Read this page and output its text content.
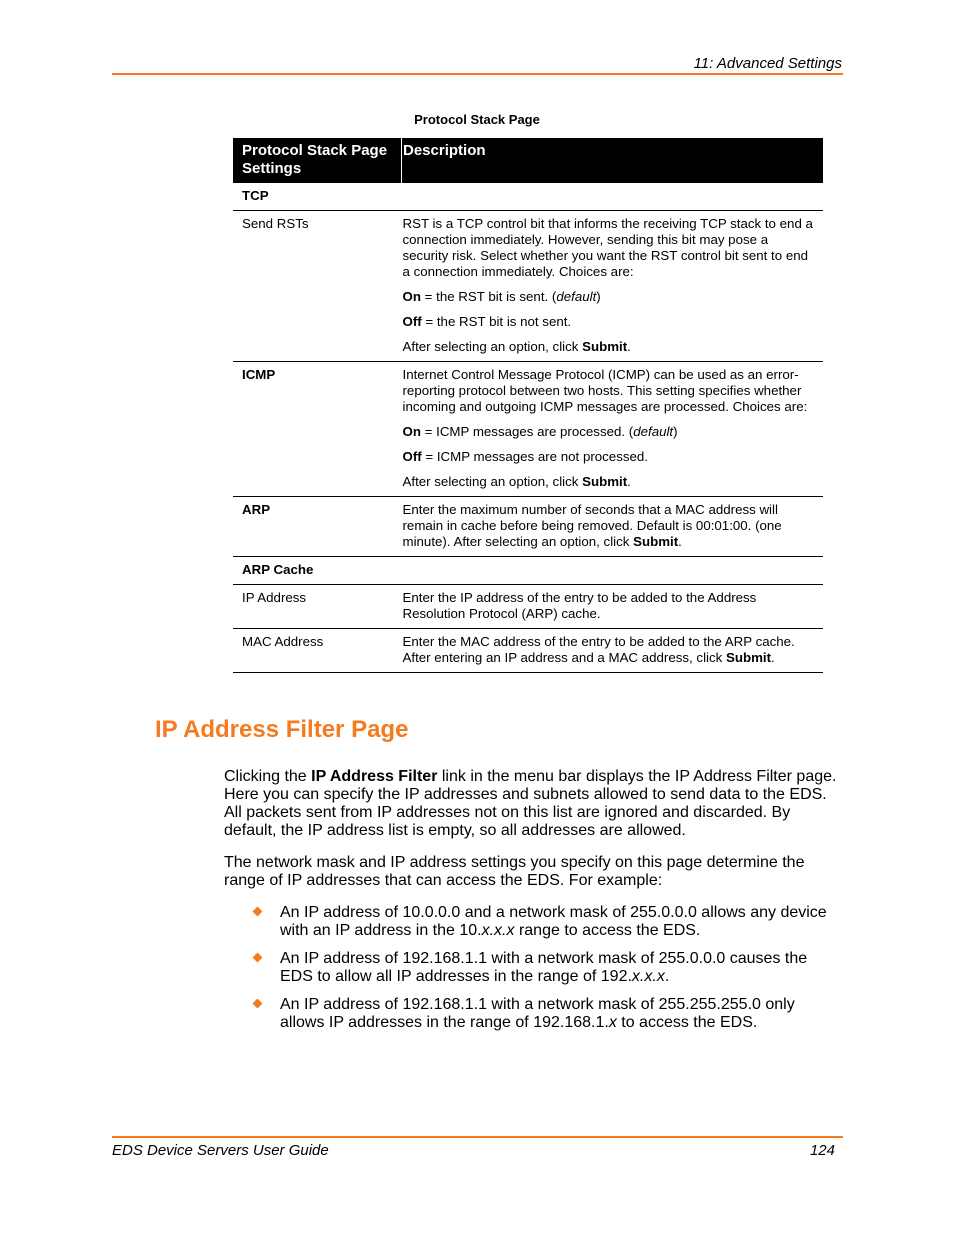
11: Advanced Settings
Protocol Stack Page
Protocol Stack Page Settings	Description
TCP	
Send RSTs	RST is a TCP control bit that informs the receiving TCP stack to end a connection immediately. However, sending this bit may pose a security risk. Select whether you want the RST control bit sent to end a connection immediately. Choices are:

On = the RST bit is sent. (default)

Off = the RST bit is not sent.

After selecting an option, click Submit.

ICMP	Internet Control Message Protocol (ICMP) can be used as an error-reporting protocol between two hosts. This setting specifies whether incoming and outgoing ICMP messages are processed. Choices are:

On = ICMP messages are processed. (default)

Off = ICMP messages are not processed.

After selecting an option, click Submit.

ARP	Enter the maximum number of seconds that a MAC address will remain in cache before being removed. Default is 00:01:00. (one minute). After selecting an option, click Submit.

ARP Cache	
IP Address	Enter the IP address of the entry to be added to the Address Resolution Protocol (ARP) cache.

MAC Address	Enter the MAC address of the entry to be added to the ARP cache. After entering an IP address and a MAC address, click Submit.

IP Address Filter Page

Clicking the IP Address Filter link in the menu bar displays the IP Address Filter page. Here you can specify the IP addresses and subnets allowed to send data to the EDS. All packets sent from IP addresses not on this list are ignored and discarded. By default, the IP address list is empty, so all addresses are allowed.

The network mask and IP address settings you specify on this page determine the range of IP addresses that can access the EDS. For example:

An IP address of 10.0.0.0 and a network mask of 255.0.0.0 allows any device with an IP address in the 10.x.x.x range to access the EDS.
An IP address of 192.168.1.1 with a network mask of 255.0.0.0 causes the EDS to allow all IP addresses in the range of 192.x.x.x.
An IP address of 192.168.1.1 with a network mask of 255.255.255.0 only allows IP addresses in the range of 192.168.1.x to access the EDS.
EDS Device Servers User Guide	124
